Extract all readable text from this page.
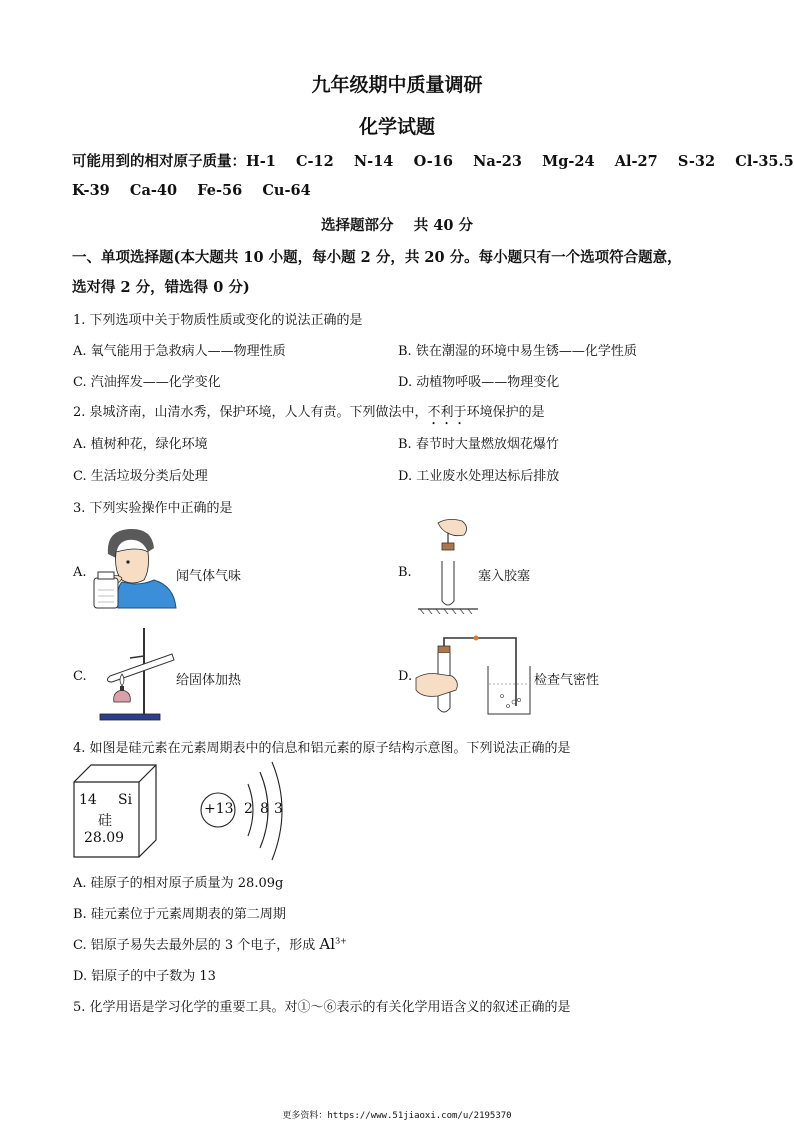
九年级期中质量调研
化学试题
可能用到的相对原子质量：H-1    C-12    N-14    O-16    Na-23    Mg-24    Al-27    S-32    Cl-35.5
K-39    Ca-40    Fe-56    Cu-64
选择题部分    共 40 分
一、单项选择题(本大题共 10 小题，每小题 2 分，共 20 分。每小题只有一个选项符合题意，
选对得 2 分，错选得 0 分)
1. 下列选项中关于物质性质或变化的说法正确的是
A. 氧气能用于急救病人——物理性质	B. 铁在潮湿的环境中易生锈——化学性质
C. 汽油挥发——化学变化	D. 动植物呼吸——物理变化
2. 泉城济南，山清水秀，保护环境，人人有责。下列做法中，不利于环境保护的是
A. 植树种花，绿化环境	B. 春节时大量燃放烟花爆竹
C. 生活垃圾分类后处理	D. 工业废水处理达标后排放
3. 下列实验操作中正确的是
A.	闻气体气味	B.	塞入胶塞
C.	给固体加热	D.	检查气密性
4. 如图是硅元素在元素周期表中的信息和铝元素的原子结构示意图。下列说法正确的是
14 Si
硅
28.09
+13 2 8 3
A. 硅原子的相对原子质量为 28.09g
B. 硅元素位于元素周期表的第二周期
C. 铝原子易失去最外层的 3 个电子，形成 $Al^{3+}$
D. 铝原子的中子数为 13
5. 化学用语是学习化学的重要工具。对①～⑥表示的有关化学用语含义的叙述正确的是
更多资料：https://www.51jiaoxi.com/u/2195370
